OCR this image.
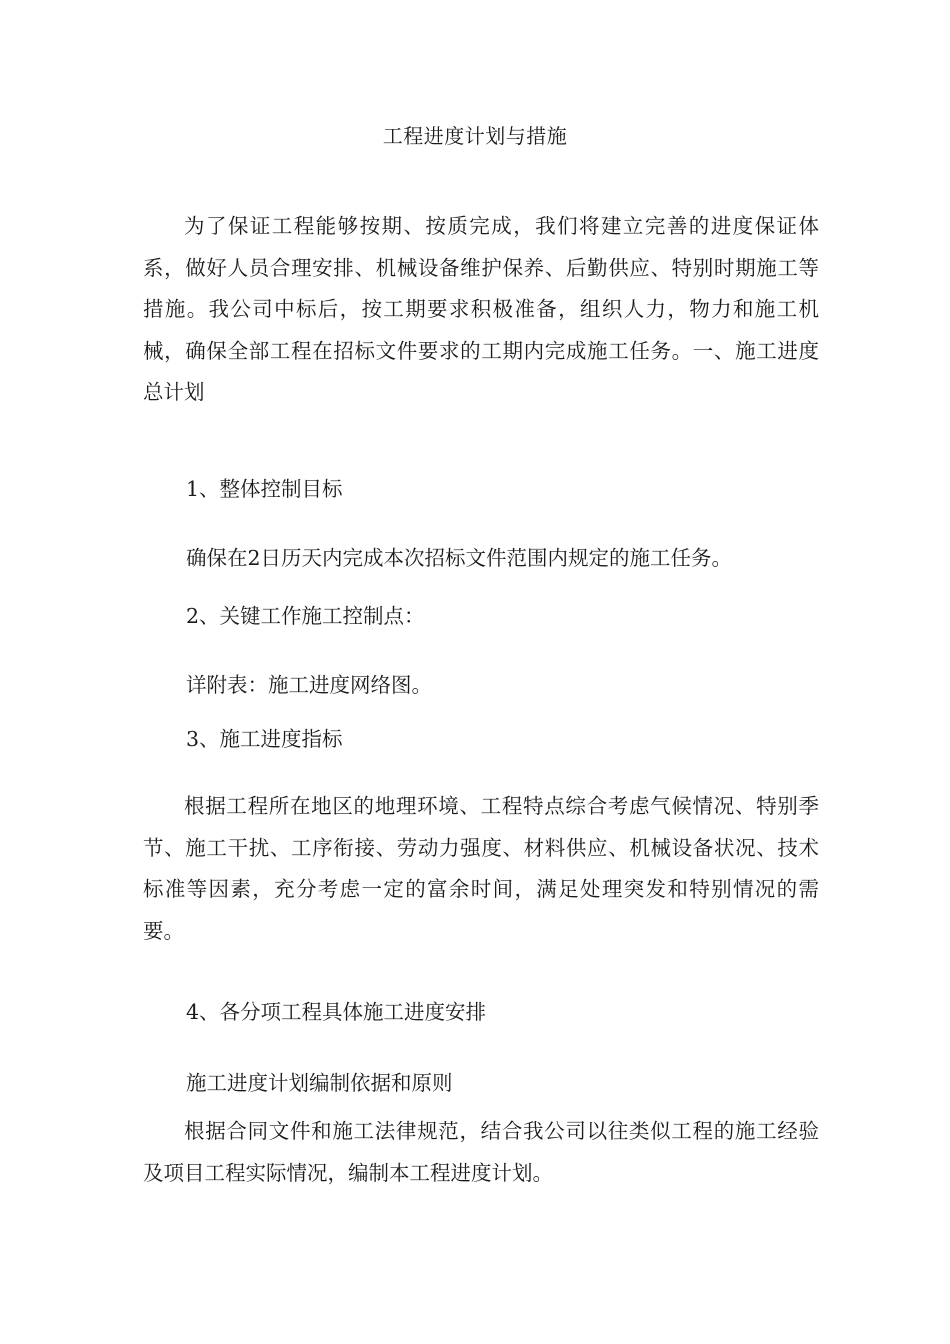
工程进度计划与措施

为了保证工程能够按期、按质完成，我们将建立完善的进度保证体系，做好人员合理安排、机械设备维护保养、后勤供应、特别时期施工等措施。我公司中标后，按工期要求积极准备，组织人力，物力和施工机械，确保全部工程在招标文件要求的工期内完成施工任务。一、施工进度总计划

1、整体控制目标

确保在2日历天内完成本次招标文件范围内规定的施工任务。

2、关键工作施工控制点：

详附表：施工进度网络图。

3、施工进度指标

根据工程所在地区的地理环境、工程特点综合考虑气候情况、特别季节、施工干扰、工序衔接、劳动力强度、材料供应、机械设备状况、技术标准等因素，充分考虑一定的富余时间，满足处理突发和特别情况的需要。

4、各分项工程具体施工进度安排

施工进度计划编制依据和原则

根据合同文件和施工法律规范，结合我公司以往类似工程的施工经验及项目工程实际情况，编制本工程进度计划。
